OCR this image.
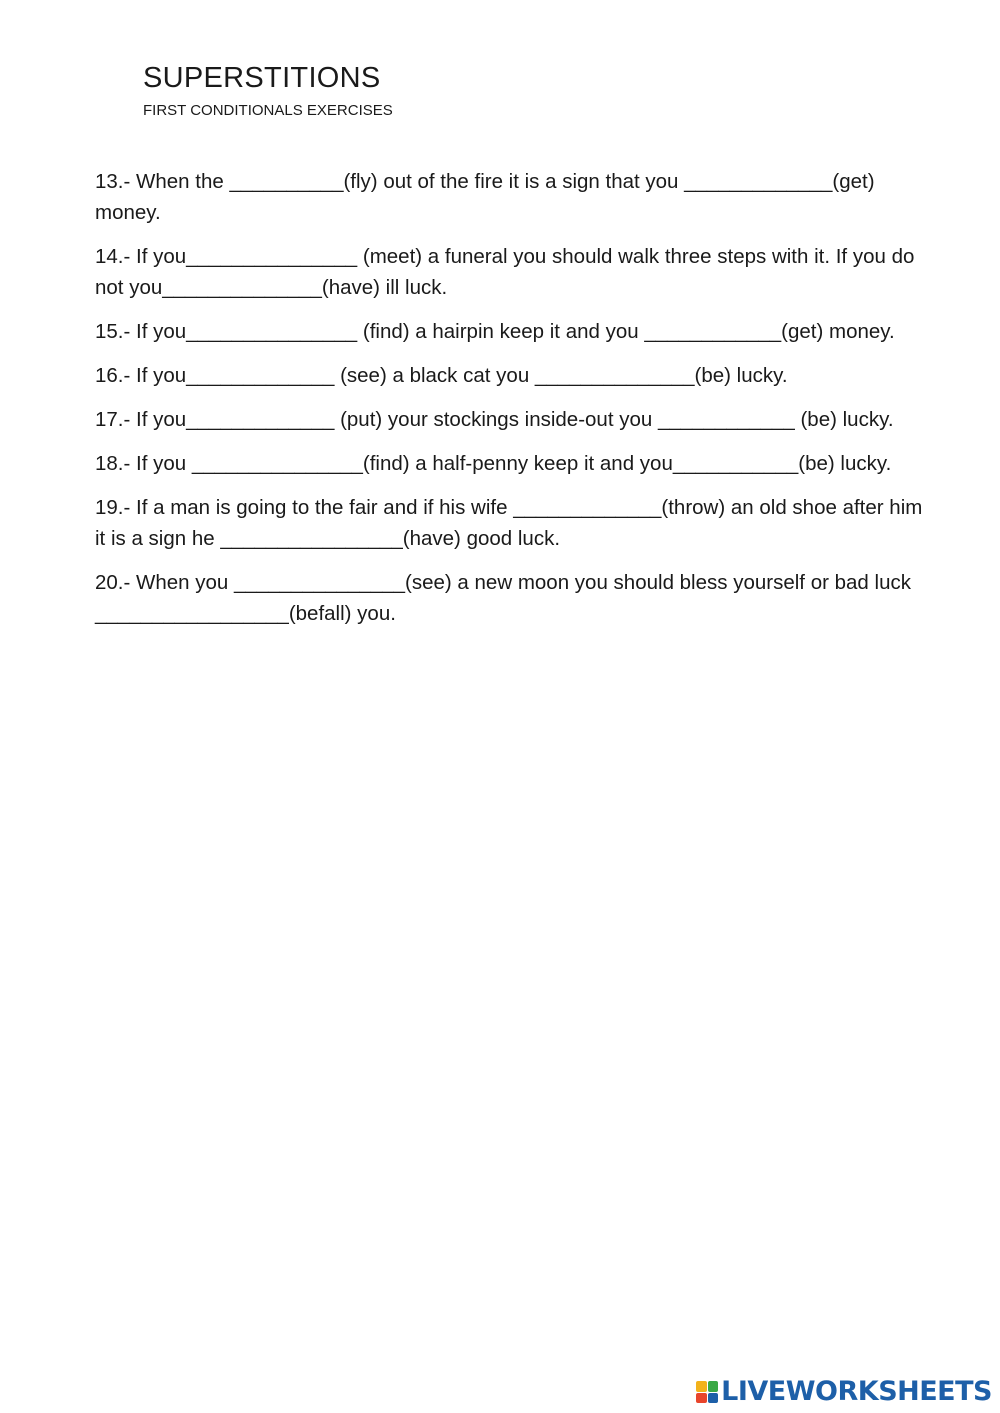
SUPERSTITIONS
FIRST CONDITIONALS EXERCISES

13.- When the __________(fly) out of the fire it is a sign that you _____________(get) money.

14.- If you_______________ (meet) a funeral you should walk three steps with it. If you do not you______________(have) ill luck.

15.- If you_______________ (find) a hairpin keep it and you ____________(get) money.

16.- If you_____________ (see) a black cat you ______________(be) lucky.

17.- If you_____________ (put) your stockings inside-out you ____________ (be) lucky.

18.- If you _______________(find) a half-penny keep it and you___________(be) lucky.

19.- If a man is going to the fair and if his wife _____________(throw) an old shoe after him it is a sign he ________________(have) good luck.

20.- When you _______________(see) a new moon you should bless yourself or bad luck _________________(befall) you.

LIVEWORKSHEETS
